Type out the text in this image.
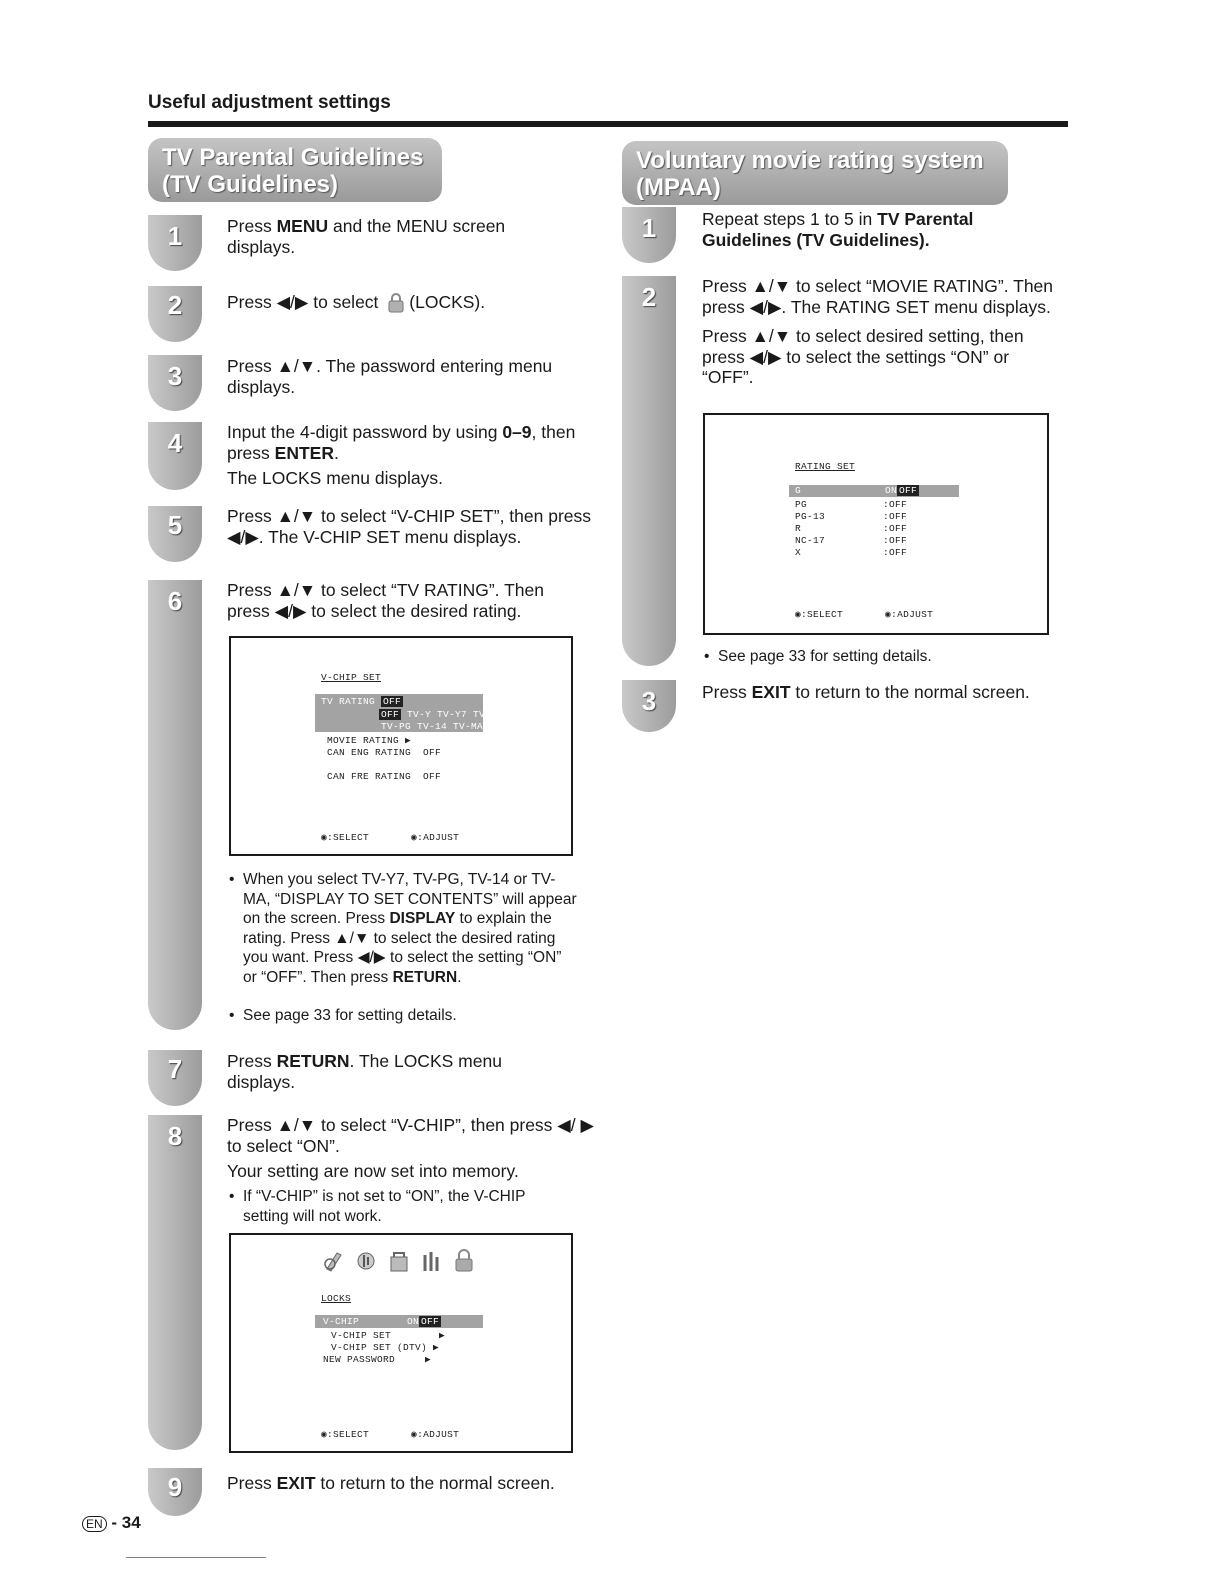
Useful adjustment settings
TV Parental Guidelines
(TV Guidelines)
Voluntary movie rating system
(MPAA)
1
2
3
4
5
6
7
8
9
Press MENU and the MENU screen displays.
Press ◀/▶ to select (LOCKS).
Press ▲/▼. The password entering menu displays.
Input the 4-digit password by using 0–9, then press ENTER.
The LOCKS menu displays.
Press ▲/▼ to select “V-CHIP SET”, then press ◀/▶. The V-CHIP SET menu displays.
Press ▲/▼ to select “TV RATING”. Then press ◀/▶ to select the desired rating.
V-CHIP SET
TV RATING OFF
OFF TV-Y TV-Y7 TV-G
TV-PG TV-14 TV-MA
MOVIE RATING ▶
CAN ENG RATING OFF
CAN FRE RATING OFF
◉:SELECT       ◉:ADJUST
• When you select TV-Y7, TV-PG, TV-14 or TV-MA, “DISPLAY TO SET CONTENTS” will appear on the screen. Press DISPLAY to explain the rating. Press ▲/▼ to select the desired rating you want. Press ◀/▶ to select the setting “ON” or “OFF”. Then press RETURN.
• See page 33 for setting details.
Press RETURN. The LOCKS menu displays.
Press ▲/▼ to select “V-CHIP”, then press ◀/ ▶ to select “ON”.
Your setting are now set into memory.
• If “V-CHIP” is not set to “ON”, the V-CHIP setting will not work.

LOCKS
V-CHIP	ON OFF
V-CHIP SET        ▶
V-CHIP SET (DTV) ▶
NEW PASSWORD     ▶
◉:SELECT       ◉:ADJUST
Press EXIT to return to the normal screen.
1
2
3
Repeat steps 1 to 5 in TV Parental Guidelines (TV Guidelines).
Press ▲/▼ to select “MOVIE RATING”. Then press ◀/▶. The RATING SET menu displays.
Press ▲/▼ to select desired setting, then press ◀/▶ to select the settings “ON” or “OFF”.
RATING SET
G	ON OFF
PG	:OFF
PG-13	:OFF
R	:OFF
NC-17	:OFF
X	:OFF
◉:SELECT       ◉:ADJUST
• See page 33 for setting details.
Press EXIT to return to the normal screen.
EN - 34
